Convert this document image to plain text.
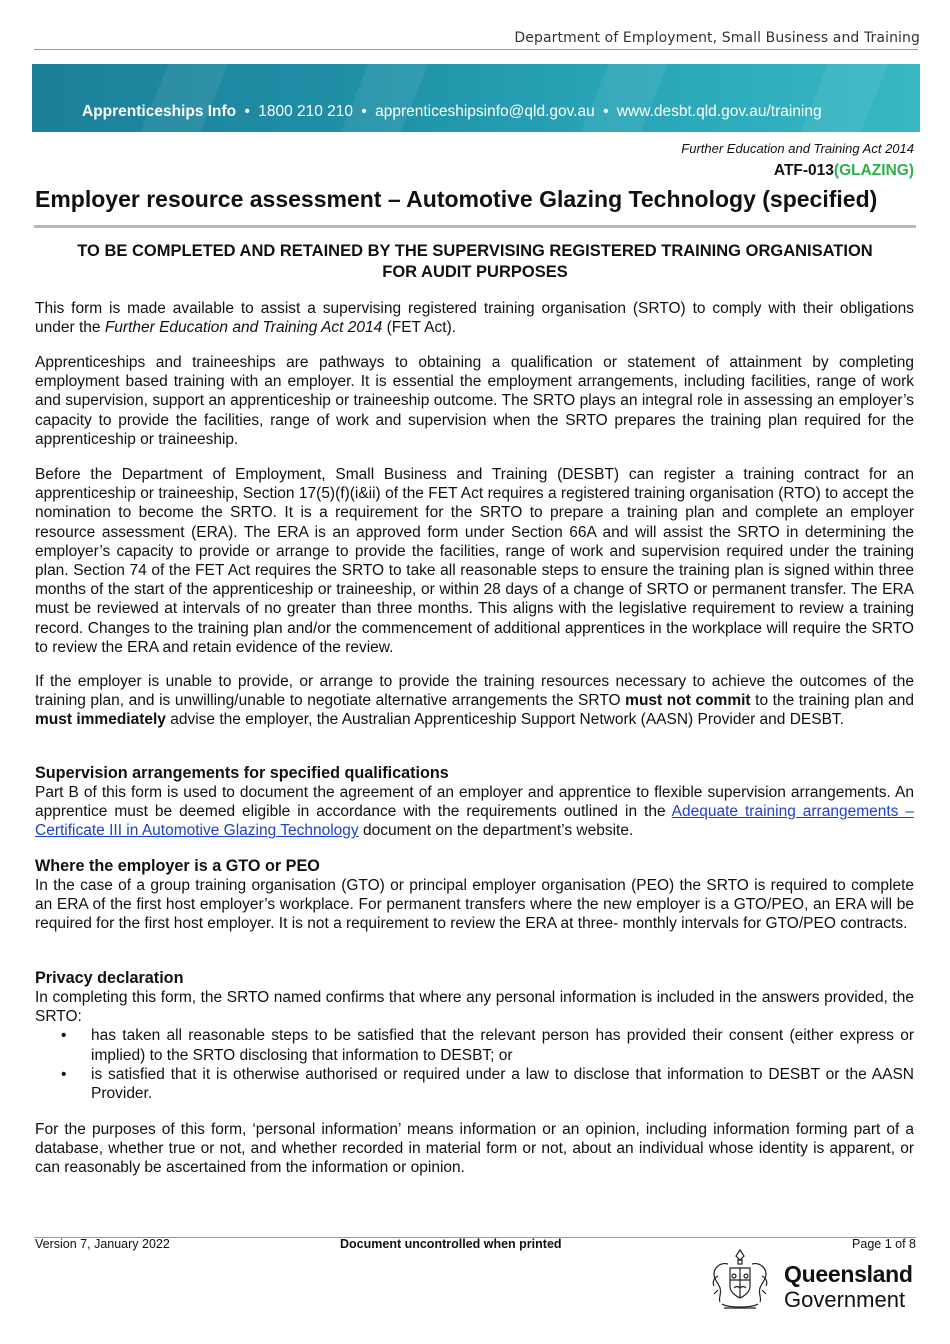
Department of Employment, Small Business and Training
Apprenticeships Info • 1800 210 210 • apprenticeshipsinfo@qld.gov.au • www.desbt.qld.gov.au/training
Further Education and Training Act 2014
ATF-013(GLAZING)
Employer resource assessment – Automotive Glazing Technology (specified)
TO BE COMPLETED AND RETAINED BY THE SUPERVISING REGISTERED TRAINING ORGANISATION FOR AUDIT PURPOSES

This form is made available to assist a supervising registered training organisation (SRTO) to comply with their obligations under the Further Education and Training Act 2014 (FET Act).

Apprenticeships and traineeships are pathways to obtaining a qualification or statement of attainment by completing employment based training with an employer. It is essential the employment arrangements, including facilities, range of work and supervision, support an apprenticeship or traineeship outcome. The SRTO plays an integral role in assessing an employer’s capacity to provide the facilities, range of work and supervision when the SRTO prepares the training plan required for the apprenticeship or traineeship.

Before the Department of Employment, Small Business and Training (DESBT) can register a training contract for an apprenticeship or traineeship, Section 17(5)(f)(i&ii) of the FET Act requires a registered training organisation (RTO) to accept the nomination to become the SRTO. It is a requirement for the SRTO to prepare a training plan and complete an employer resource assessment (ERA). The ERA is an approved form under Section 66A and will assist the SRTO in determining the employer’s capacity to provide or arrange to provide the facilities, range of work and supervision required under the training plan. Section 74 of the FET Act requires the SRTO to take all reasonable steps to ensure the training plan is signed within three months of the start of the apprenticeship or traineeship, or within 28 days of a change of SRTO or permanent transfer. The ERA must be reviewed at intervals of no greater than three months. This aligns with the legislative requirement to review a training record. Changes to the training plan and/or the commencement of additional apprentices in the workplace will require the SRTO to review the ERA and retain evidence of the review.

If the employer is unable to provide, or arrange to provide the training resources necessary to achieve the outcomes of the training plan, and is unwilling/unable to negotiate alternative arrangements the SRTO must not commit to the training plan and must immediately advise the employer, the Australian Apprenticeship Support Network (AASN) Provider and DESBT.

Supervision arrangements for specified qualifications

Part B of this form is used to document the agreement of an employer and apprentice to flexible supervision arrangements. An apprentice must be deemed eligible in accordance with the requirements outlined in the Adequate training arrangements – Certificate III in Automotive Glazing Technology document on the department’s website.

Where the employer is a GTO or PEO

In the case of a group training organisation (GTO) or principal employer organisation (PEO) the SRTO is required to complete an ERA of the first host employer’s workplace. For permanent transfers where the new employer is a GTO/PEO, an ERA will be required for the first host employer. It is not a requirement to review the ERA at three- monthly intervals for GTO/PEO contracts.

Privacy declaration

In completing this form, the SRTO named confirms that where any personal information is included in the answers provided, the SRTO:

• has taken all reasonable steps to be satisfied that the relevant person has provided their consent (either express or implied) to the SRTO disclosing that information to DESBT; or
• is satisfied that it is otherwise authorised or required under a law to disclose that information to DESBT or the AASN Provider.

For the purposes of this form, ‘personal information’ means information or an opinion, including information forming part of a database, whether true or not, and whether recorded in material form or not, about an individual whose identity is apparent, or can reasonably be ascertained from the information or opinion.

Version 7, January 2022	Document uncontrolled when printed	Page 1 of 8
Queensland
Government
